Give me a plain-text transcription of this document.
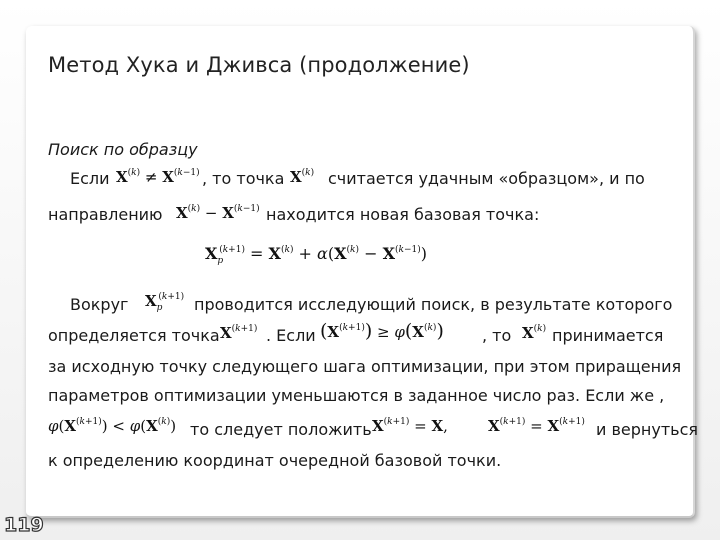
Метод Хука и Дживса (продолжение)
Поиск по образцу
Если $X^{(k)} \ne X^{(k-1)}$ , то точка $X^{(k)}$ считается удачным «образцом», и по
направлению $X^{(k)} - X^{(k-1)}$ находится новая базовая точка:
$X_p^{(k+1)} = X^{(k)} + \alpha(X^{(k)} - X^{(k-1)})$
Вокруг $X_p^{(k+1)}$ проводится исследующий поиск, в результате которого
определяется точка $X^{(k+1)}$ . Если $(X^{(k+1)}) \ge \varphi(X^{(k)})$ , то $X^{(k)}$ принимается
за исходную точку следующего шага оптимизации, при этом приращения
параметров оптимизации уменьшаются в заданное число раз. Если же ,
$\varphi(X^{(k+1)}) < \varphi(X^{(k)})$ то следует положить $X^{(k+1)} = X$,	$X^{(k+1)} = X^{(k+1)}$ и вернуться
к определению координат очередной базовой точки.
119
